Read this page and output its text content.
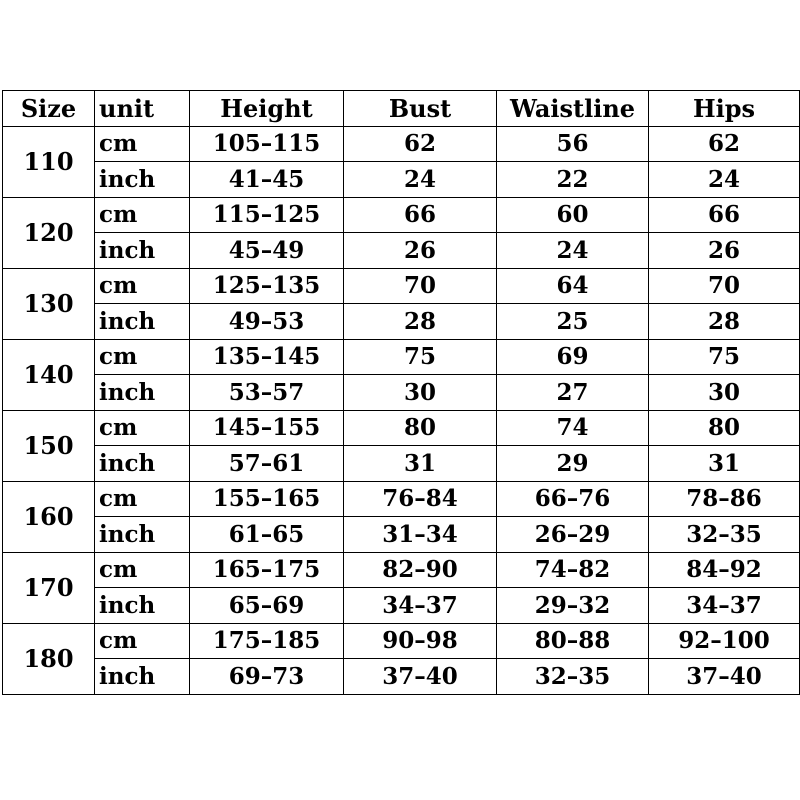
Size	unit	Height	Bust	Waistline	Hips
110	cm	105–115	62	56	62
	inch	41–45	24	22	24
120	cm	115–125	66	60	66
	inch	45–49	26	24	26
130	cm	125–135	70	64	70
	inch	49–53	28	25	28
140	cm	135–145	75	69	75
	inch	53–57	30	27	30
150	cm	145–155	80	74	80
	inch	57–61	31	29	31
160	cm	155–165	76–84	66–76	78–86
	inch	61–65	31–34	26–29	32–35
170	cm	165–175	82–90	74–82	84–92
	inch	65–69	34–37	29–32	34–37
180	cm	175–185	90–98	80–88	92–100
	inch	69–73	37–40	32–35	37–40
